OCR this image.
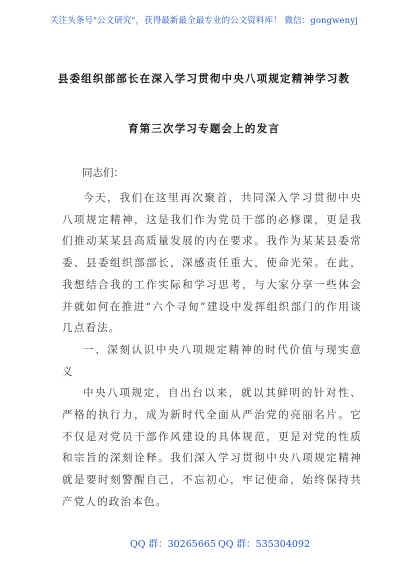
关注头条号"公文研究"，获得最新最全最专业的公文资料库！ 微信：gongwenyj
县委组织部部长在深入学习贯彻中央八项规定精神学习教
育第三次学习专题会上的发言
同志们：

今天，我们在这里再次聚首，共同深入学习贯彻中央八项规定精神，这是我们作为党员干部的必修课，更是我们推动某某县高质量发展的内在要求。我作为某某县委常委、县委组织部部长，深感责任重大，使命光荣。在此，我想结合我的工作实际和学习思考，与大家分享一些体会并就如何在推进“六个寻甸”建设中发挥组织部门的作用谈几点看法。

一、深刻认识中央八项规定精神的时代价值与现实意义

中央八项规定，自出台以来，就以其鲜明的针对性、严格的执行力，成为新时代全面从严治党的亮丽名片。它不仅是对党员干部作风建设的具体规范，更是对党的性质和宗旨的深刻诠释。我们深入学习贯彻中央八项规定精神就是要时刻警醒自己，不忘初心，牢记使命，始终保持共产党人的政治本色。

QQ 群：30265665 QQ 群：535304092
